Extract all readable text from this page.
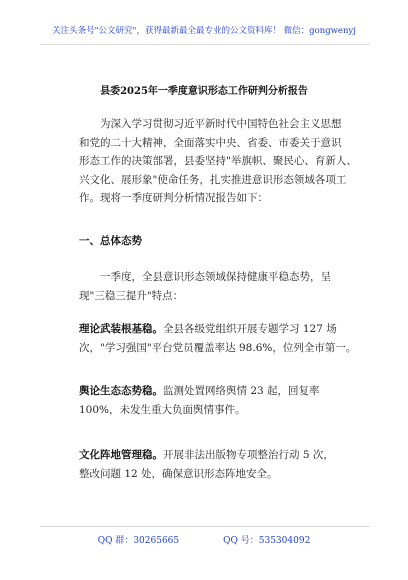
关注头条号"公文研究"，获得最新最全最专业的公文资料库！ 微信：gongwenyj
县委2025年一季度意识形态工作研判分析报告
为深入学习贯彻习近平新时代中国特色社会主义思想
和党的二十大精神，全面落实中央、省委、市委关于意识
形态工作的决策部署，县委坚持"举旗帜、聚民心、育新人、
兴文化、展形象"使命任务，扎实推进意识形态领域各项工
作。现将一季度研判分析情况报告如下：
一、总体态势
一季度，全县意识形态领域保持健康平稳态势，呈
现"三稳三提升"特点：
理论武装根基稳。全县各级党组织开展专题学习 127 场
次，"学习强国"平台党员覆盖率达 98.6%，位列全市第一。
舆论生态态势稳。监测处置网络舆情 23 起，回复率
100%，未发生重大负面舆情事件。
文化阵地管理稳。开展非法出版物专项整治行动 5 次，
整改问题 12 处，确保意识形态阵地安全。
QQ 群：30265665	QQ 号：535304092
